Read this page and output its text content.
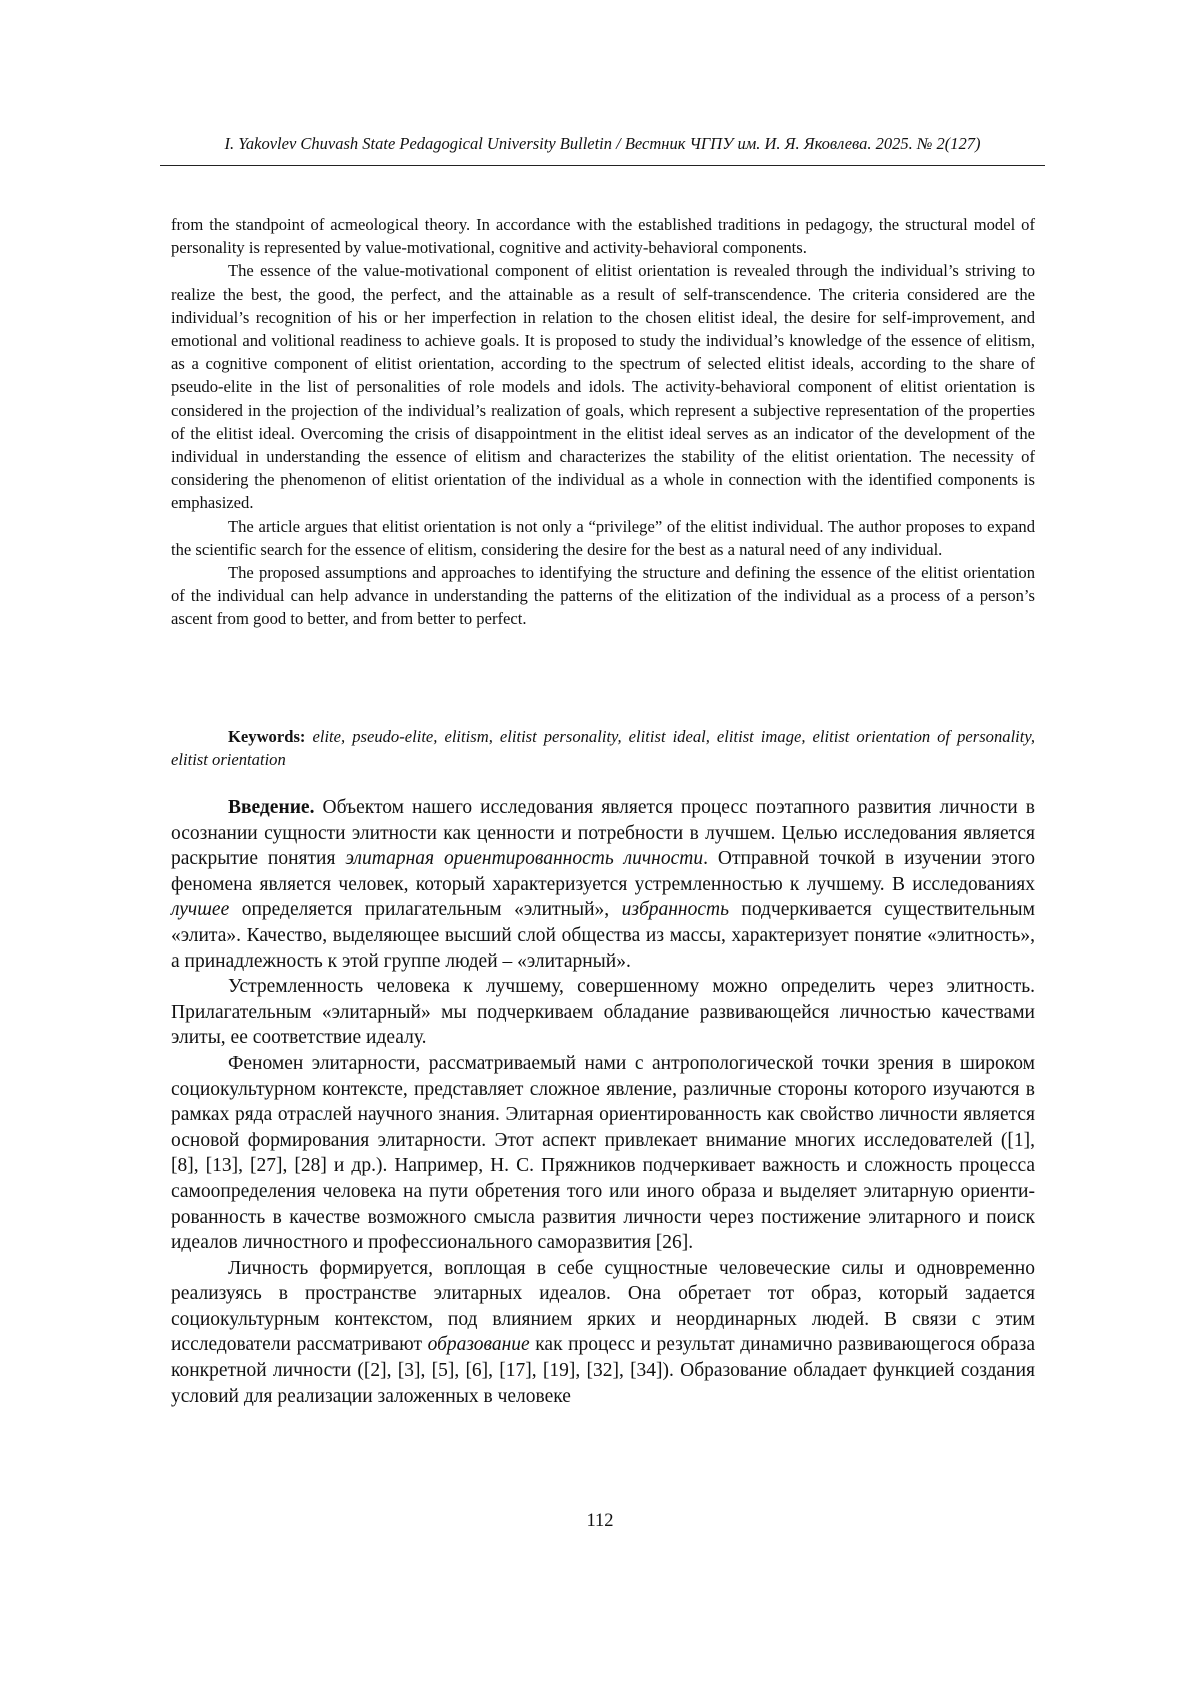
I. Yakovlev Chuvash State Pedagogical University Bulletin / Вестник ЧГПУ им. И. Я. Яковлева. 2025. № 2(127)

from the standpoint of acmeological theory. In accordance with the established traditions in pedagogy, the structural model of personality is represented by value-motivational, cognitive and activity-behavioral components.

The essence of the value-motivational component of elitist orientation is revealed through the individual’s striving to realize the best, the good, the perfect, and the attainable as a result of self-transcendence. The criteria considered are the individual’s recognition of his or her imperfection in relation to the chosen elitist ideal, the desire for self-improvement, and emotional and volitional readiness to achieve goals. It is proposed to study the individual’s knowledge of the essence of elitism, as a cognitive component of elitist orientation, according to the spectrum of selected elitist ideals, according to the share of pseudo-elite in the list of personalities of role models and idols. The activity-behavioral component of elitist orientation is considered in the projection of the individual’s realization of goals, which represent a subjective representation of the properties of the elitist ideal. Overcoming the crisis of disappointment in the elitist ideal serves as an indicator of the development of the individual in understanding the essence of elitism and characterizes the stability of the elitist orientation. The necessity of considering the phenomenon of elitist orientation of the individual as a whole in connection with the identified components is emphasized.

The article argues that elitist orientation is not only a “privilege” of the elitist individual. The author proposes to expand the scientific search for the essence of elitism, considering the desire for the best as a natural need of any individual.

The proposed assumptions and approaches to identifying the structure and defining the essence of the elitist orientation of the individual can help advance in understanding the patterns of the elitization of the individual as a process of a person’s ascent from good to better, and from better to perfect.

Keywords: elite, pseudo-elite, elitism, elitist personality, elitist ideal, elitist image, elitist orientation of personality, elitist orientation

Введение. Объектом нашего исследования является процесс поэтапного развития личности в осознании сущности элитности как ценности и потребности в лучшем. Целью исследования является раскрытие понятия элитарная ориентированность личности. Отправной точкой в изучении этого феномена является человек, который характеризуется устремленностью к лучшему. В исследованиях лучшее определяется прилагательным «элитный», избранность подчеркивается существительным «элита». Качество, выделяющее высший слой общества из массы, характеризует понятие «элитность», а принадлежность к этой группе людей – «элитарный».

Устремленность человека к лучшему, совершенному можно определить через элитность. Прилагательным «элитарный» мы подчеркиваем обладание развивающейся личностью качествами элиты, ее соответствие идеалу.

Феномен элитарности, рассматриваемый нами с антропологической точки зрения в широком социокультурном контексте, представляет сложное явление, различные стороны которого изучаются в рамках ряда отраслей научного знания. Элитарная ориентированность как свойство личности является основой формирования элитарности. Этот аспект привлекает внимание многих исследователей ([1], [8], [13], [27], [28] и др.). Например, Н. С. Пряжников подчеркивает важность и сложность процесса самоопределения человека на пути обретения того или иного образа и выделяет элитарную ориентированность в качестве возможного смысла развития личности через постижение элитарного и поиск идеалов личностного и профессионального саморазвития [26].

Личность формируется, воплощая в себе сущностные человеческие силы и одновременно реализуясь в пространстве элитарных идеалов. Она обретает тот образ, который задается социокультурным контекстом, под влиянием ярких и неординарных людей. В связи с этим исследователи рассматривают образование как процесс и результат динамично развивающегося образа конкретной личности ([2], [3], [5], [6], [17], [19], [32], [34]). Образование обладает функцией создания условий для реализации заложенных в человеке

112
